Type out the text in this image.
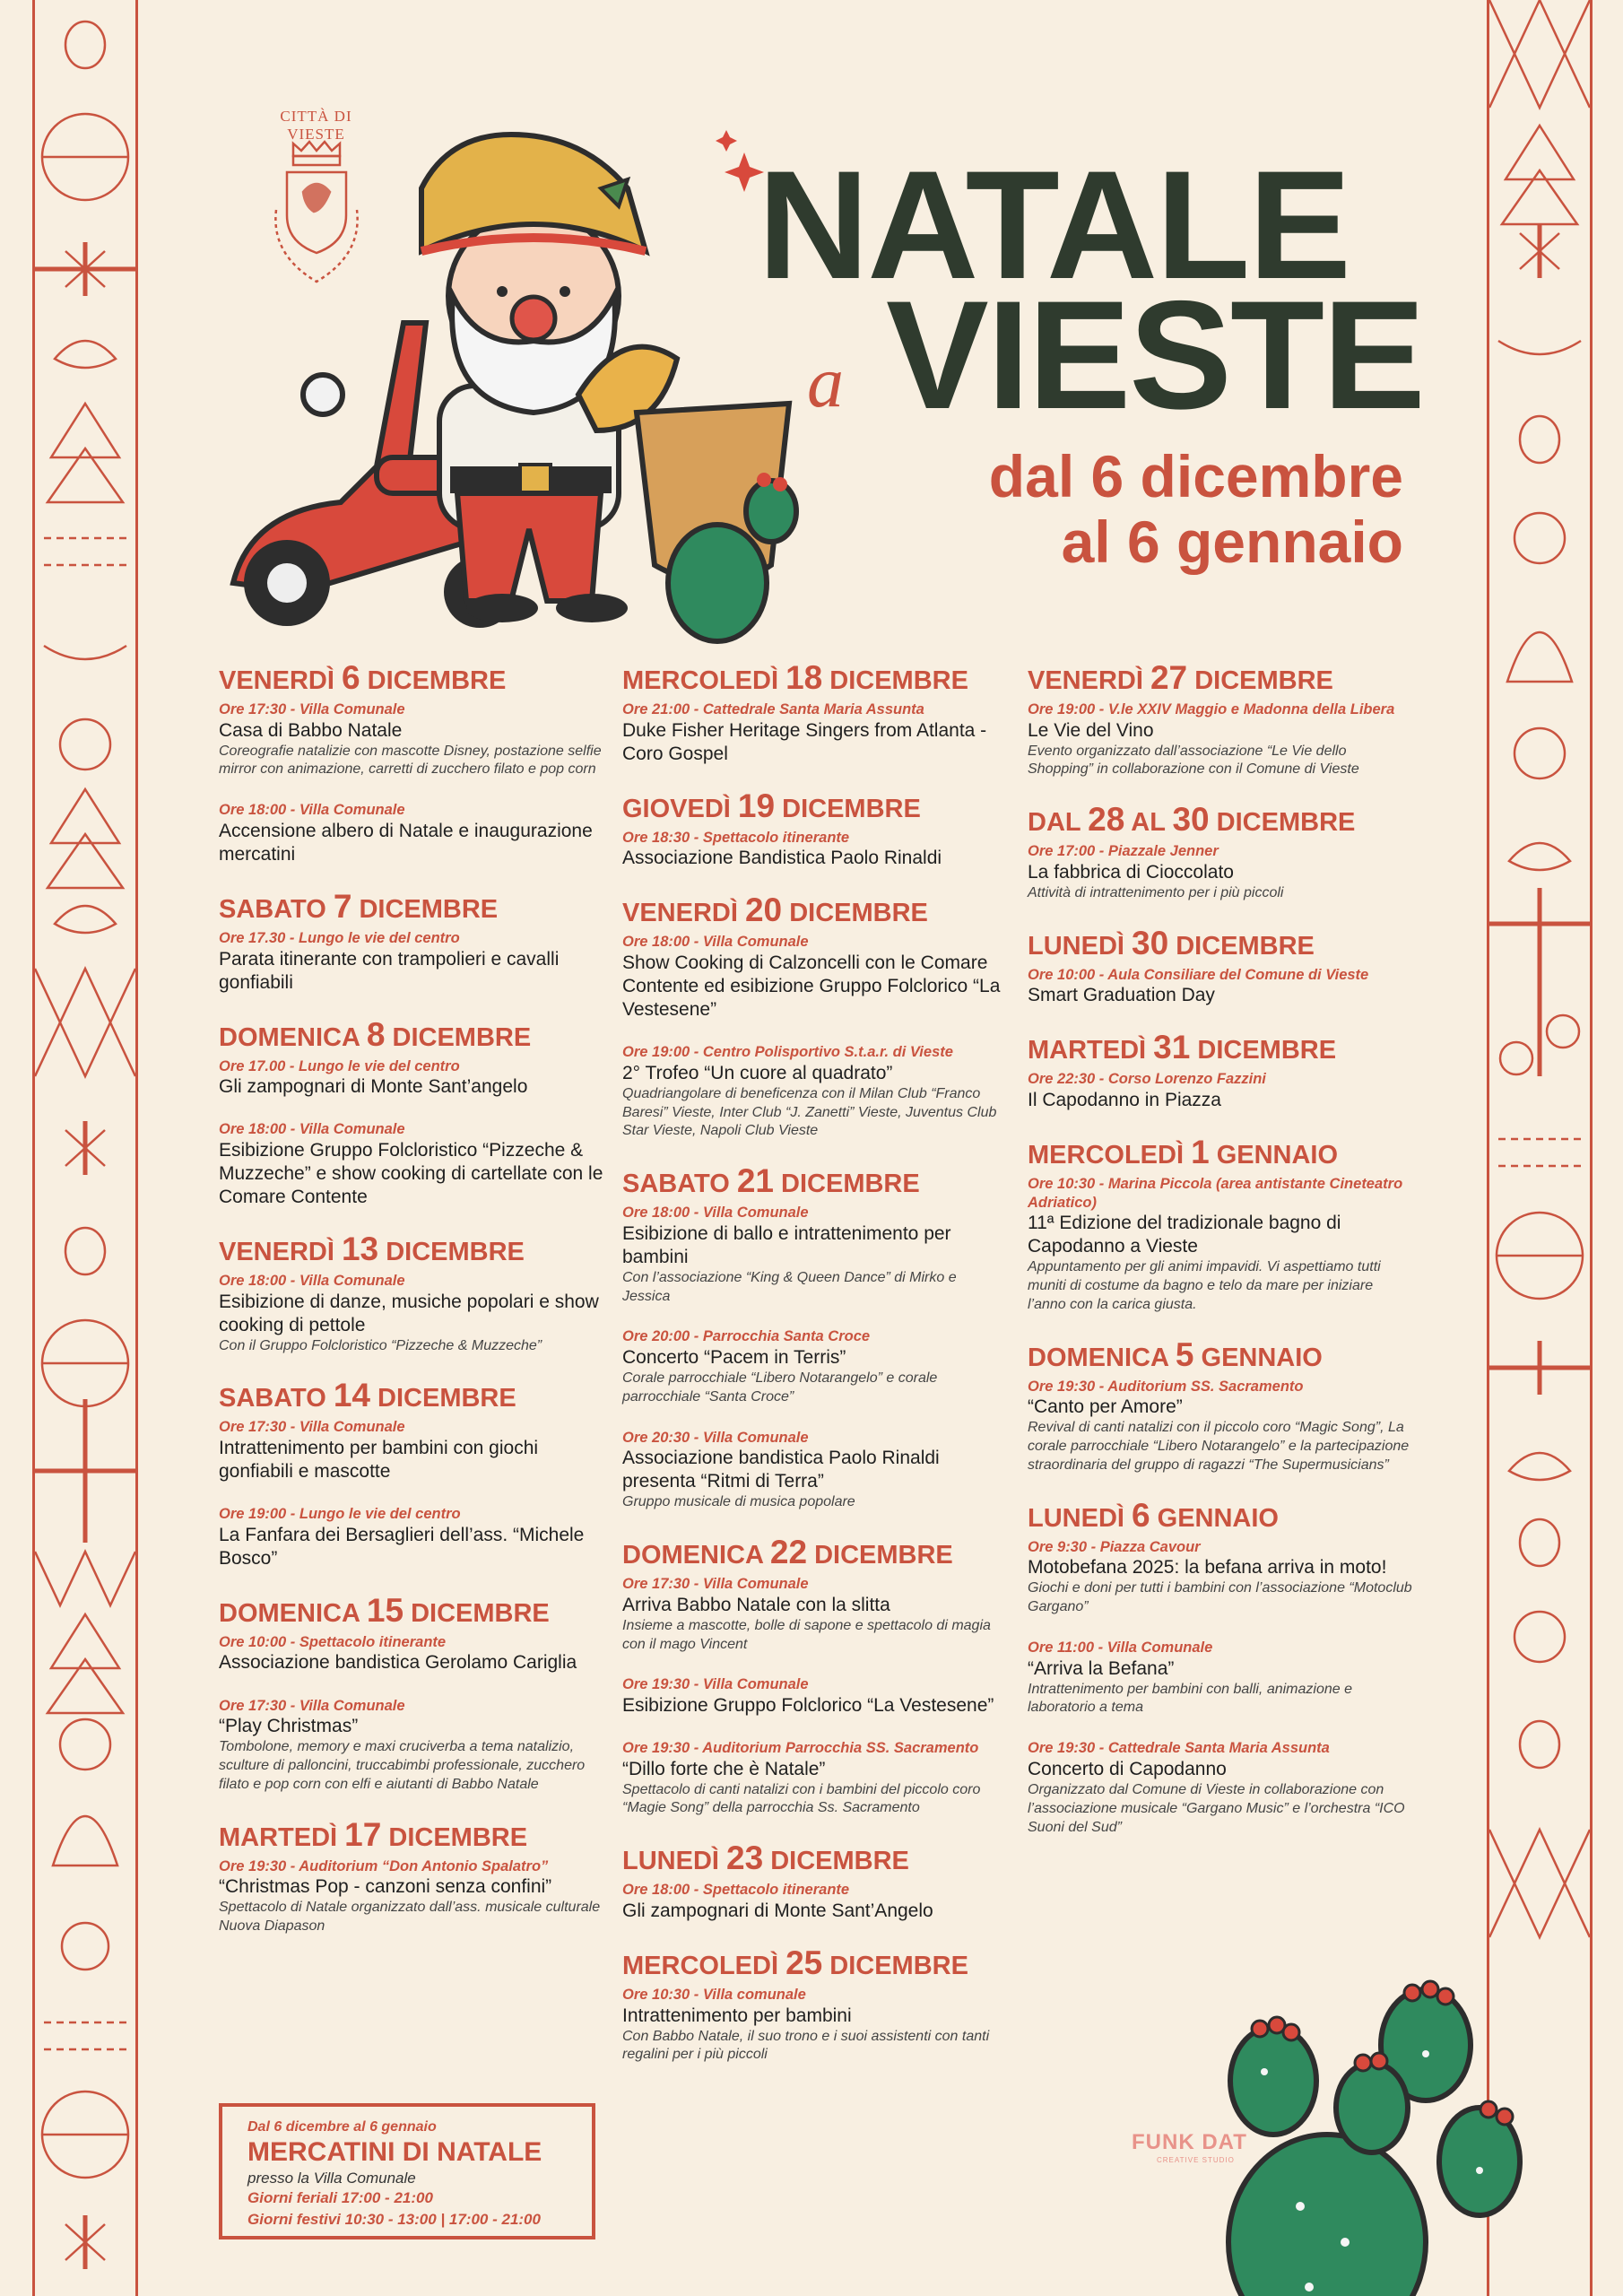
CITTÀ DI VIESTE
NATALE
a VIESTE
dal 6 dicembre
al 6 gennaio
VENERDÌ 6 DICEMBRE
Ore 17:30 - Villa Comunale
Casa di Babbo Natale
Coreografie natalizie con mascotte Disney, postazione selfie mirror con animazione, carretti di zucchero filato e pop corn
Ore 18:00 - Villa Comunale
Accensione albero di Natale e inaugurazione mercatini
SABATO 7 DICEMBRE
Ore 17.30 - Lungo le vie del centro
Parata itinerante con trampolieri e cavalli gonfiabili
DOMENICA 8 DICEMBRE
Ore 17.00 - Lungo le vie del centro
Gli zampognari di Monte Sant’angelo
Ore 18:00 - Villa Comunale
Esibizione Gruppo Folcloristico “Pizzeche & Muzzeche” e show cooking di cartellate con le Comare Contente
VENERDÌ 13 DICEMBRE
Ore 18:00 - Villa Comunale
Esibizione di danze, musiche popolari e show cooking di pettole
Con il Gruppo Folcloristico “Pizzeche & Muzzeche”
SABATO 14 DICEMBRE
Ore 17:30 - Villa Comunale
Intrattenimento per bambini con giochi gonfiabili e mascotte
Ore 19:00 - Lungo le vie del centro
La Fanfara dei Bersaglieri dell’ass. “Michele Bosco”
DOMENICA 15 DICEMBRE
Ore 10:00 - Spettacolo itinerante
Associazione bandistica Gerolamo Cariglia
Ore 17:30 - Villa Comunale
“Play Christmas”
Tombolone, memory e maxi cruciverba a tema natalizio, sculture di palloncini, truccabimbi professionale, zucchero filato e pop corn con elfi e aiutanti di Babbo Natale
MARTEDÌ 17 DICEMBRE
Ore 19:30 - Auditorium “Don Antonio Spalatro”
“Christmas Pop - canzoni senza confini”
Spettacolo di Natale organizzato dall’ass. musicale culturale Nuova Diapason
MERCOLEDÌ 18 DICEMBRE
Ore 21:00 - Cattedrale Santa Maria Assunta
Duke Fisher Heritage Singers from Atlanta - Coro Gospel
GIOVEDÌ 19 DICEMBRE
Ore 18:30 - Spettacolo itinerante
Associazione Bandistica Paolo Rinaldi
VENERDÌ 20 DICEMBRE
Ore 18:00 - Villa Comunale
Show Cooking di Calzoncelli con le Comare Contente ed esibizione Gruppo Folclorico “La Vestesene”
Ore 19:00 - Centro Polisportivo S.t.a.r. di Vieste
2° Trofeo “Un cuore al quadrato”
Quadriangolare di beneficenza con il Milan Club “Franco Baresi” Vieste, Inter Club “J. Zanetti” Vieste, Juventus Club Star Vieste, Napoli Club Vieste
SABATO 21 DICEMBRE
Ore 18:00 - Villa Comunale
Esibizione di ballo e intrattenimento per bambini
Con l’associazione “King & Queen Dance” di Mirko e Jessica
Ore 20:00 - Parrocchia Santa Croce
Concerto “Pacem in Terris”
Corale parrocchiale “Libero Notarangelo” e corale parrocchiale “Santa Croce”
Ore 20:30 - Villa Comunale
Associazione bandistica Paolo Rinaldi presenta “Ritmi di Terra”
Gruppo musicale di musica popolare
DOMENICA 22 DICEMBRE
Ore 17:30 - Villa Comunale
Arriva Babbo Natale con la slitta
Insieme a mascotte, bolle di sapone e spettacolo di magia con il mago Vincent
Ore 19:30 - Villa Comunale
Esibizione Gruppo Folclorico “La Vestesene”
Ore 19:30 - Auditorium Parrocchia SS. Sacramento
“Dillo forte che è Natale”
Spettacolo di canti natalizi con i bambini del piccolo coro “Magie Song” della parrocchia Ss. Sacramento
LUNEDÌ 23 DICEMBRE
Ore 18:00 - Spettacolo itinerante
Gli zampognari di Monte Sant’Angelo
MERCOLEDÌ 25 DICEMBRE
Ore 10:30 - Villa comunale
Intrattenimento per bambini
Con Babbo Natale, il suo trono e i suoi assistenti con tanti regalini per i più piccoli
VENERDÌ 27 DICEMBRE
Ore 19:00 - V.le XXIV Maggio e Madonna della Libera
Le Vie del Vino
Evento organizzato dall’associazione “Le Vie dello Shopping” in collaborazione con il Comune di Vieste
DAL 28 AL 30 DICEMBRE
Ore 17:00 - Piazzale Jenner
La fabbrica di Cioccolato
Attività di intrattenimento per i più piccoli
LUNEDÌ 30 DICEMBRE
Ore 10:00 - Aula Consiliare del Comune di Vieste
Smart Graduation Day
MARTEDÌ 31 DICEMBRE
Ore 22:30 - Corso Lorenzo Fazzini
Il Capodanno in Piazza
MERCOLEDÌ 1 GENNAIO
Ore 10:30 - Marina Piccola (area antistante Cineteatro Adriatico)
11ª Edizione del tradizionale bagno di Capodanno a Vieste
Appuntamento per gli animi impavidi. Vi aspettiamo tutti muniti di costume da bagno e telo da mare per iniziare l’anno con la carica giusta.
DOMENICA 5 GENNAIO
Ore 19:30 - Auditorium SS. Sacramento
“Canto per Amore”
Revival di canti natalizi con il piccolo coro “Magic Song”, La corale parrocchiale “Libero Notarangelo” e la partecipazione straordinaria del gruppo di ragazzi “The Supermusicians”
LUNEDÌ 6 GENNAIO
Ore 9:30 - Piazza Cavour
Motobefana 2025: la befana arriva in moto!
Giochi e doni per tutti i bambini con l’associazione “Motoclub Gargano”
Ore 11:00 - Villa Comunale
“Arriva la Befana”
Intrattenimento per bambini con balli, animazione e laboratorio a tema
Ore 19:30 - Cattedrale Santa Maria Assunta
Concerto di Capodanno
Organizzato dal Comune di Vieste in collaborazione con l’associazione musicale “Gargano Music” e l’orchestra “ICO Suoni del Sud”
Dal 6 dicembre al 6 gennaio
MERCATINI DI NATALE
presso la Villa Comunale
Giorni feriali 17:00 - 21:00
Giorni festivi 10:30 - 13:00 | 17:00 - 21:00
FUNK DAT
CREATIVE STUDIO
